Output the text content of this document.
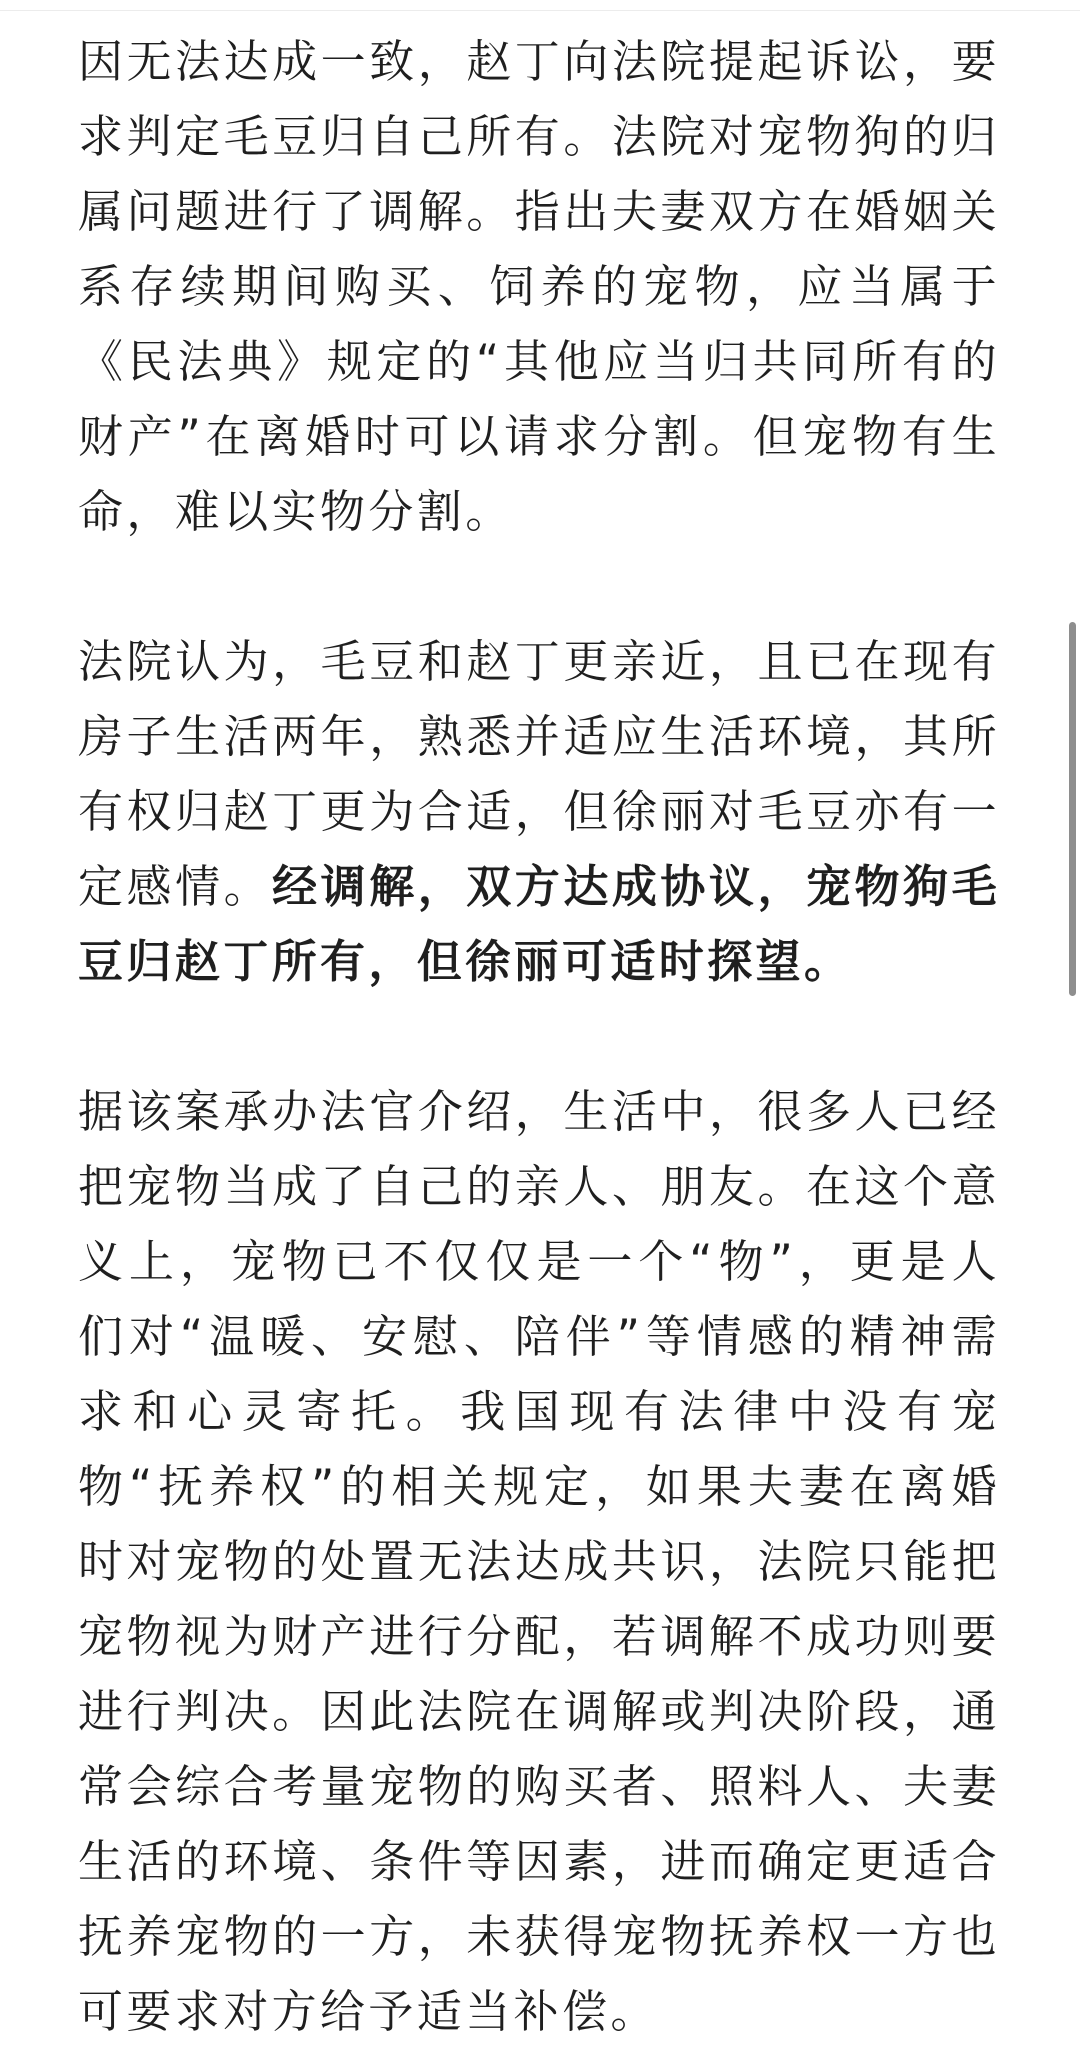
因无法达成一致，赵丁向法院提起诉讼，要求判定毛豆归自己所有。法院对宠物狗的归属问题进行了调解。指出夫妻双方在婚姻关系存续期间购买、饲养的宠物，应当属于《民法典》规定的“其他应当归共同所有的财产”在离婚时可以请求分割。但宠物有生命，难以实物分割。

法院认为，毛豆和赵丁更亲近，且已在现有房子生活两年，熟悉并适应生活环境，其所有权归赵丁更为合适，但徐丽对毛豆亦有一定感情。经调解，双方达成协议，宠物狗毛豆归赵丁所有，但徐丽可适时探望。

据该案承办法官介绍，生活中，很多人已经把宠物当成了自己的亲人、朋友。在这个意义上，宠物已不仅仅是一个“物”，更是人们对“温暖、安慰、陪伴”等情感的精神需求和心灵寄托。我国现有法律中没有宠物“抚养权”的相关规定，如果夫妻在离婚时对宠物的处置无法达成共识，法院只能把宠物视为财产进行分配，若调解不成功则要进行判决。因此法院在调解或判决阶段，通常会综合考量宠物的购买者、照料人、夫妻生活的环境、条件等因素，进而确定更适合抚养宠物的一方，未获得宠物抚养权一方也可要求对方给予适当补偿。
